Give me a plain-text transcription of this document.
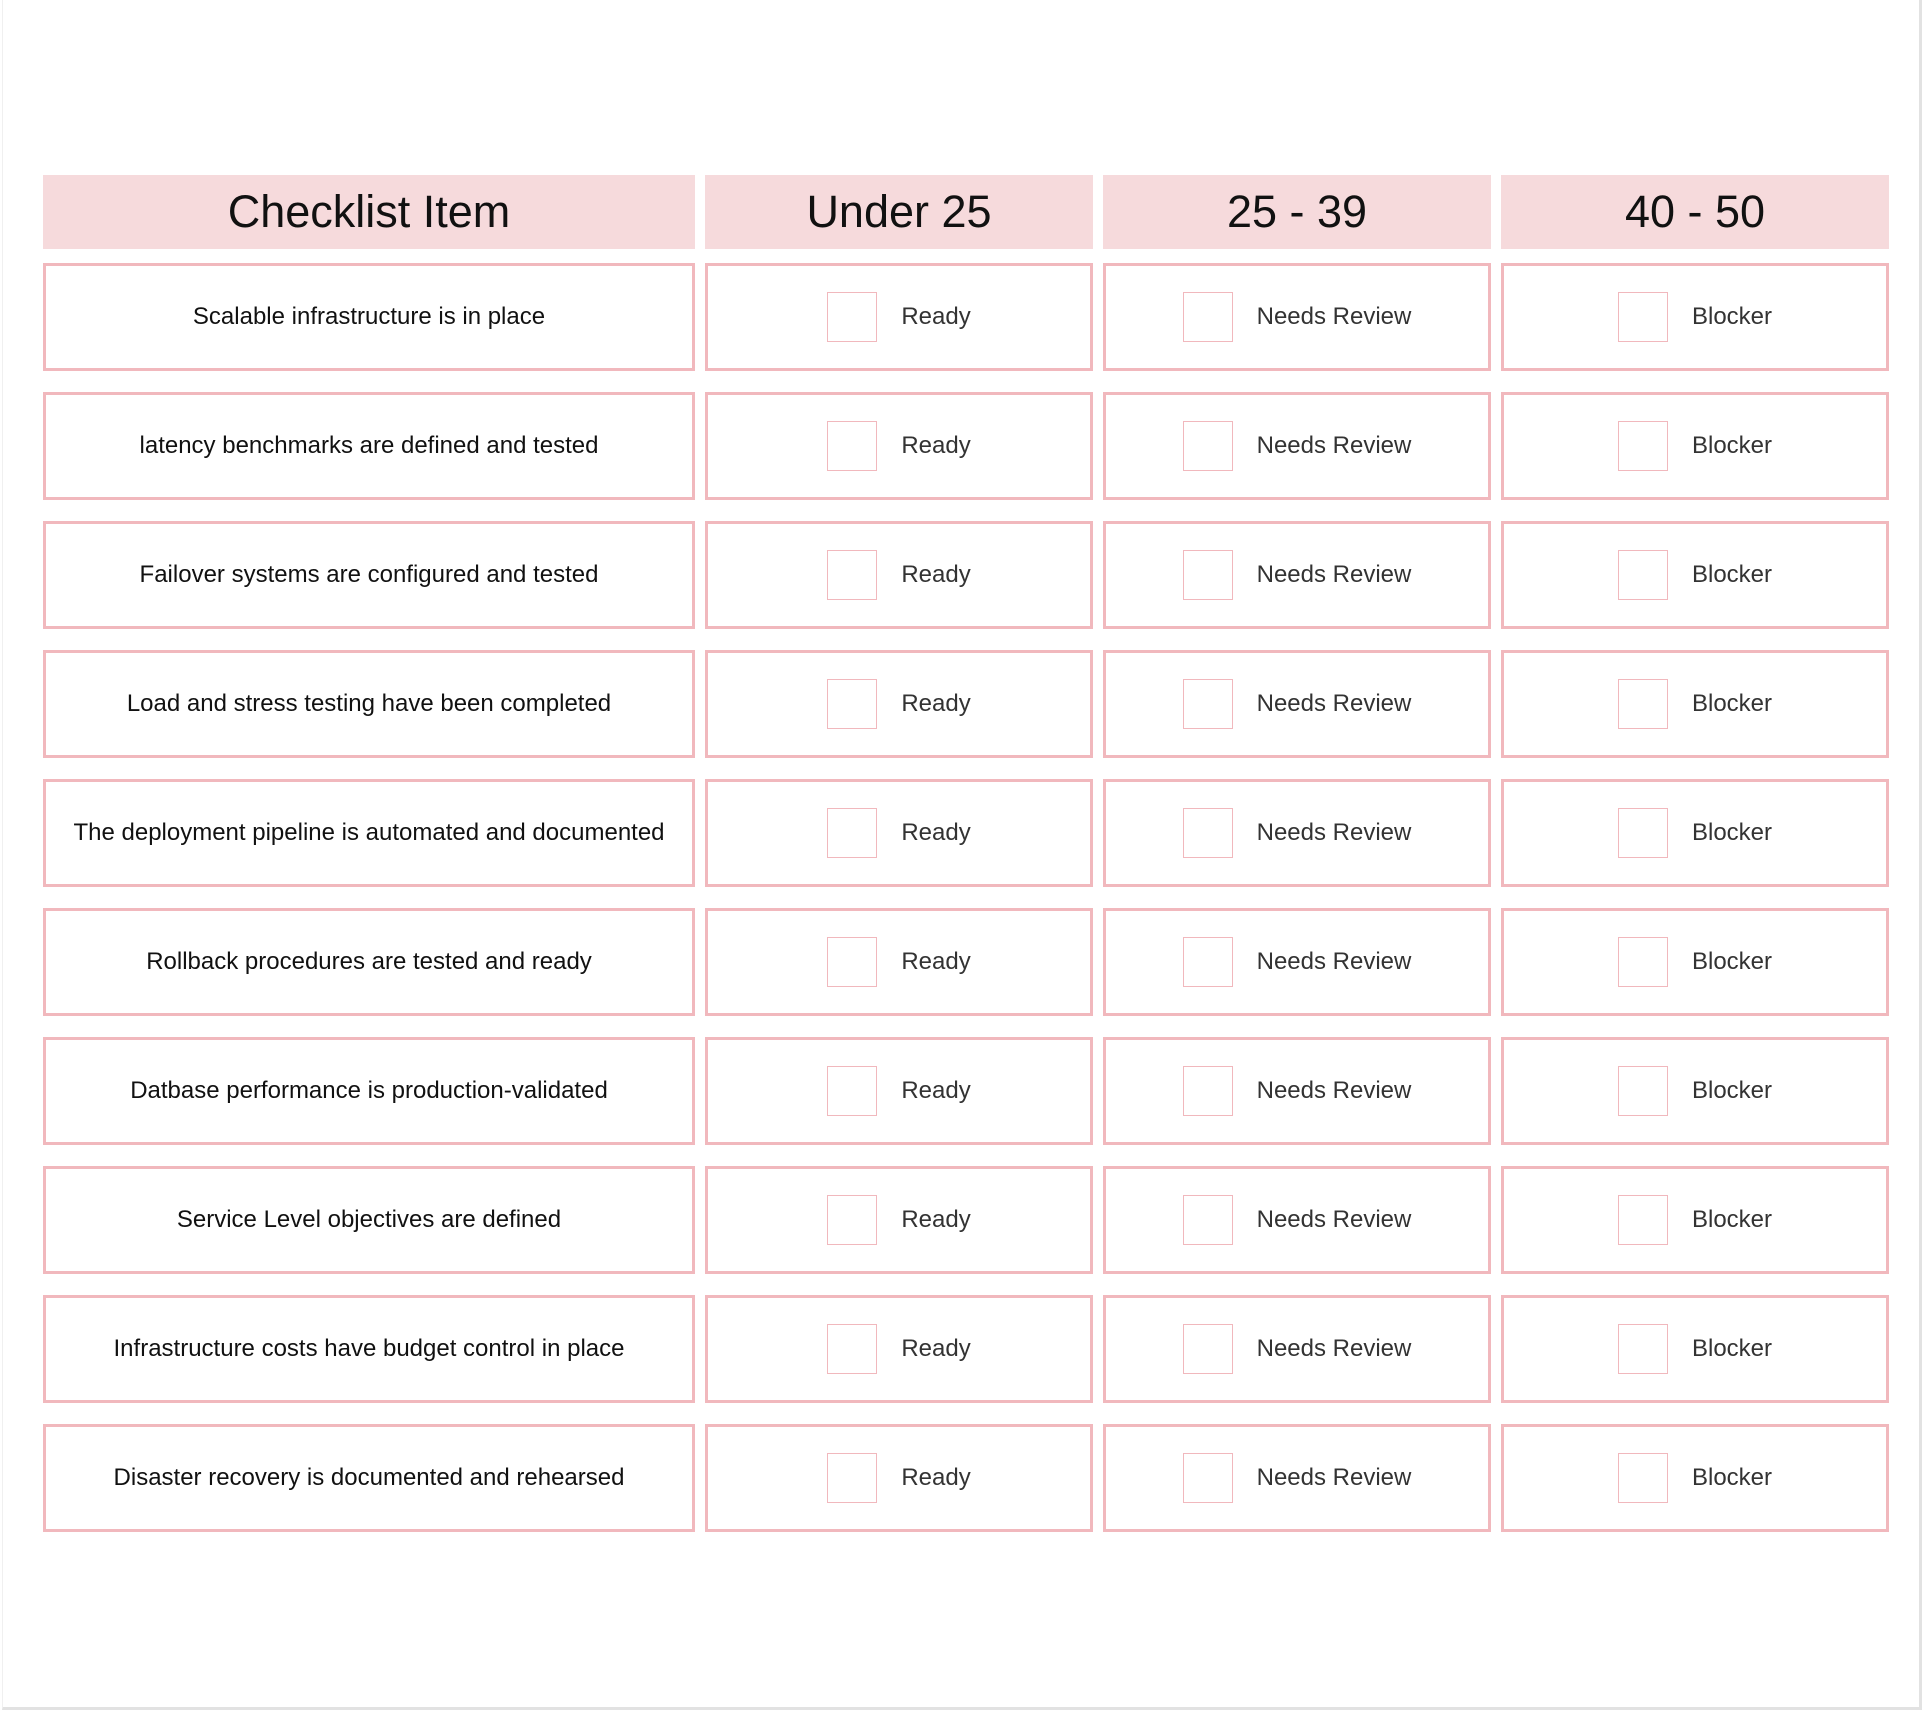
Checklist Item	Under 25	25 - 39	40 - 50
Scalable infrastructure is in place	Ready	Needs Review	Blocker
latency benchmarks are defined and tested	Ready	Needs Review	Blocker
Failover systems are configured and tested	Ready	Needs Review	Blocker
Load and stress testing have been completed	Ready	Needs Review	Blocker
The deployment pipeline is automated and documented	Ready	Needs Review	Blocker
Rollback procedures are tested and ready	Ready	Needs Review	Blocker
Datbase performance is production-validated	Ready	Needs Review	Blocker
Service Level objectives are defined	Ready	Needs Review	Blocker
Infrastructure costs have budget control in place	Ready	Needs Review	Blocker
Disaster recovery is documented and rehearsed	Ready	Needs Review	Blocker
